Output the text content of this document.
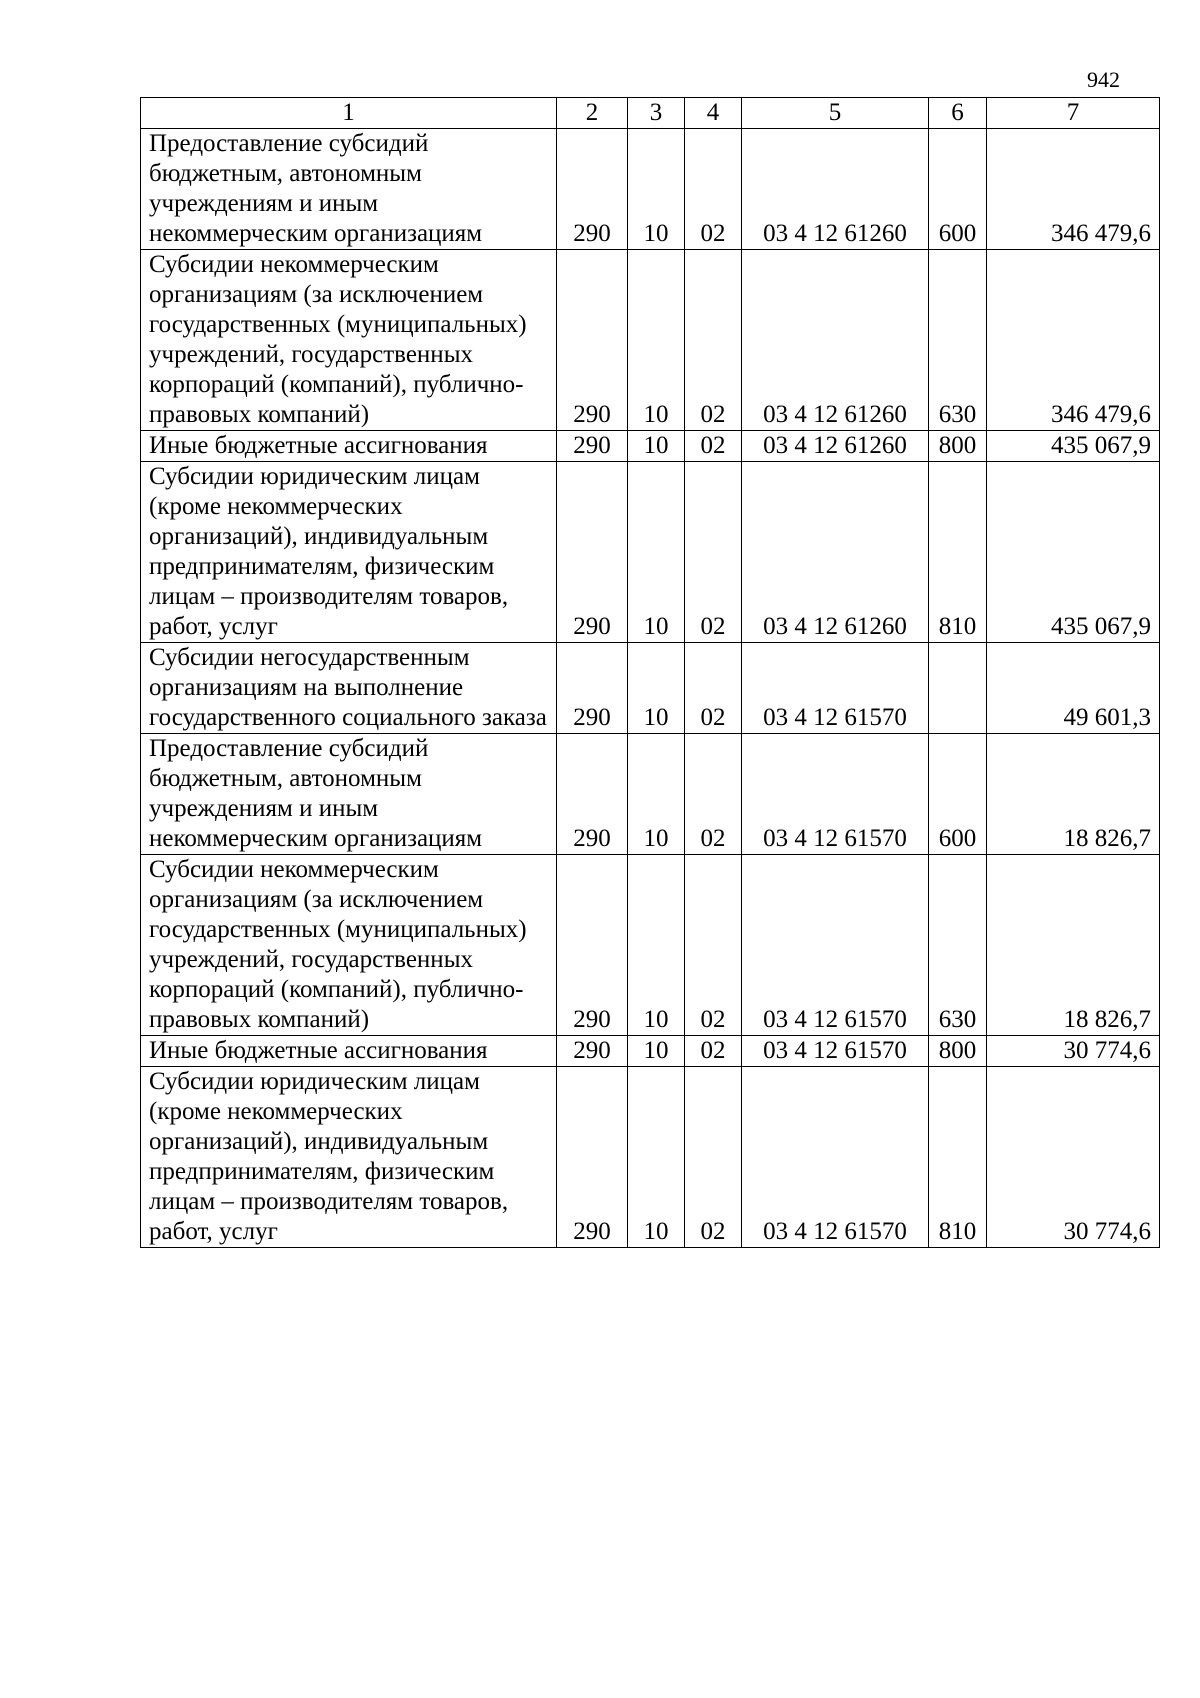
942
1	2	3	4	5	6	7
Предоставление субсидий бюджетным, автономным учреждениям и иным некоммерческим организациям	290	10	02	03 4 12 61260	600	346 479,6
Субсидии некоммерческим организациям (за исключением государственных (муниципальных) учреждений, государственных корпораций (компаний), публично-правовых компаний)	290	10	02	03 4 12 61260	630	346 479,6
Иные бюджетные ассигнования	290	10	02	03 4 12 61260	800	435 067,9
Субсидии юридическим лицам (кроме некоммерческих организаций), индивидуальным предпринимателям, физическим лицам – производителям товаров, работ, услуг	290	10	02	03 4 12 61260	810	435 067,9
Субсидии негосударственным организациям на выполнение государственного социального заказа	290	10	02	03 4 12 61570		49 601,3
Предоставление субсидий бюджетным, автономным учреждениям и иным некоммерческим организациям	290	10	02	03 4 12 61570	600	18 826,7
Субсидии некоммерческим организациям (за исключением государственных (муниципальных) учреждений, государственных корпораций (компаний), публично-правовых компаний)	290	10	02	03 4 12 61570	630	18 826,7
Иные бюджетные ассигнования	290	10	02	03 4 12 61570	800	30 774,6
Субсидии юридическим лицам (кроме некоммерческих организаций), индивидуальным предпринимателям, физическим лицам – производителям товаров, работ, услуг	290	10	02	03 4 12 61570	810	30 774,6
